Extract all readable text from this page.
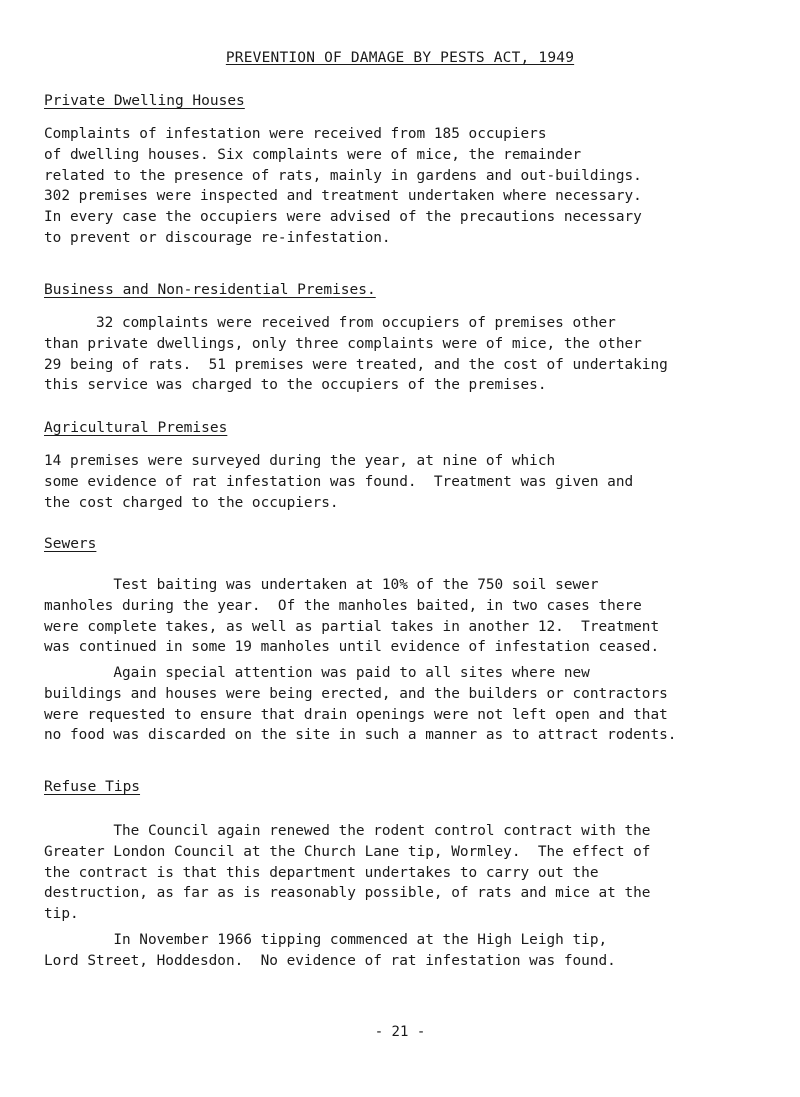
PREVENTION OF DAMAGE BY PESTS ACT, 1949
Private Dwelling Houses

Complaints of infestation were received from 185 occupiers
of dwelling houses. Six complaints were of mice, the remainder
related to the presence of rats, mainly in gardens and out-buildings.
302 premises were inspected and treatment undertaken where necessary.
In every case the occupiers were advised of the precautions necessary
to prevent or discourage re-infestation.

Business and Non-residential Premises.

32 complaints were received from occupiers of premises other
than private dwellings, only three complaints were of mice, the other
29 being of rats.  51 premises were treated, and the cost of undertaking
this service was charged to the occupiers of the premises.

Agricultural Premises

14 premises were surveyed during the year, at nine of which
some evidence of rat infestation was found.  Treatment was given and
the cost charged to the occupiers.

Sewers

Test baiting was undertaken at 10% of the 750 soil sewer
manholes during the year.  Of the manholes baited, in two cases there
were complete takes, as well as partial takes in another 12.  Treatment
was continued in some 19 manholes until evidence of infestation ceased.

Again special attention was paid to all sites where new
buildings and houses were being erected, and the builders or contractors
were requested to ensure that drain openings were not left open and that
no food was discarded on the site in such a manner as to attract rodents.

Refuse Tips

The Council again renewed the rodent control contract with the
Greater London Council at the Church Lane tip, Wormley.  The effect of
the contract is that this department undertakes to carry out the
destruction, as far as is reasonably possible, of rats and mice at the
tip.

In November 1966 tipping commenced at the High Leigh tip,
Lord Street, Hoddesdon.  No evidence of rat infestation was found.

- 21 -
